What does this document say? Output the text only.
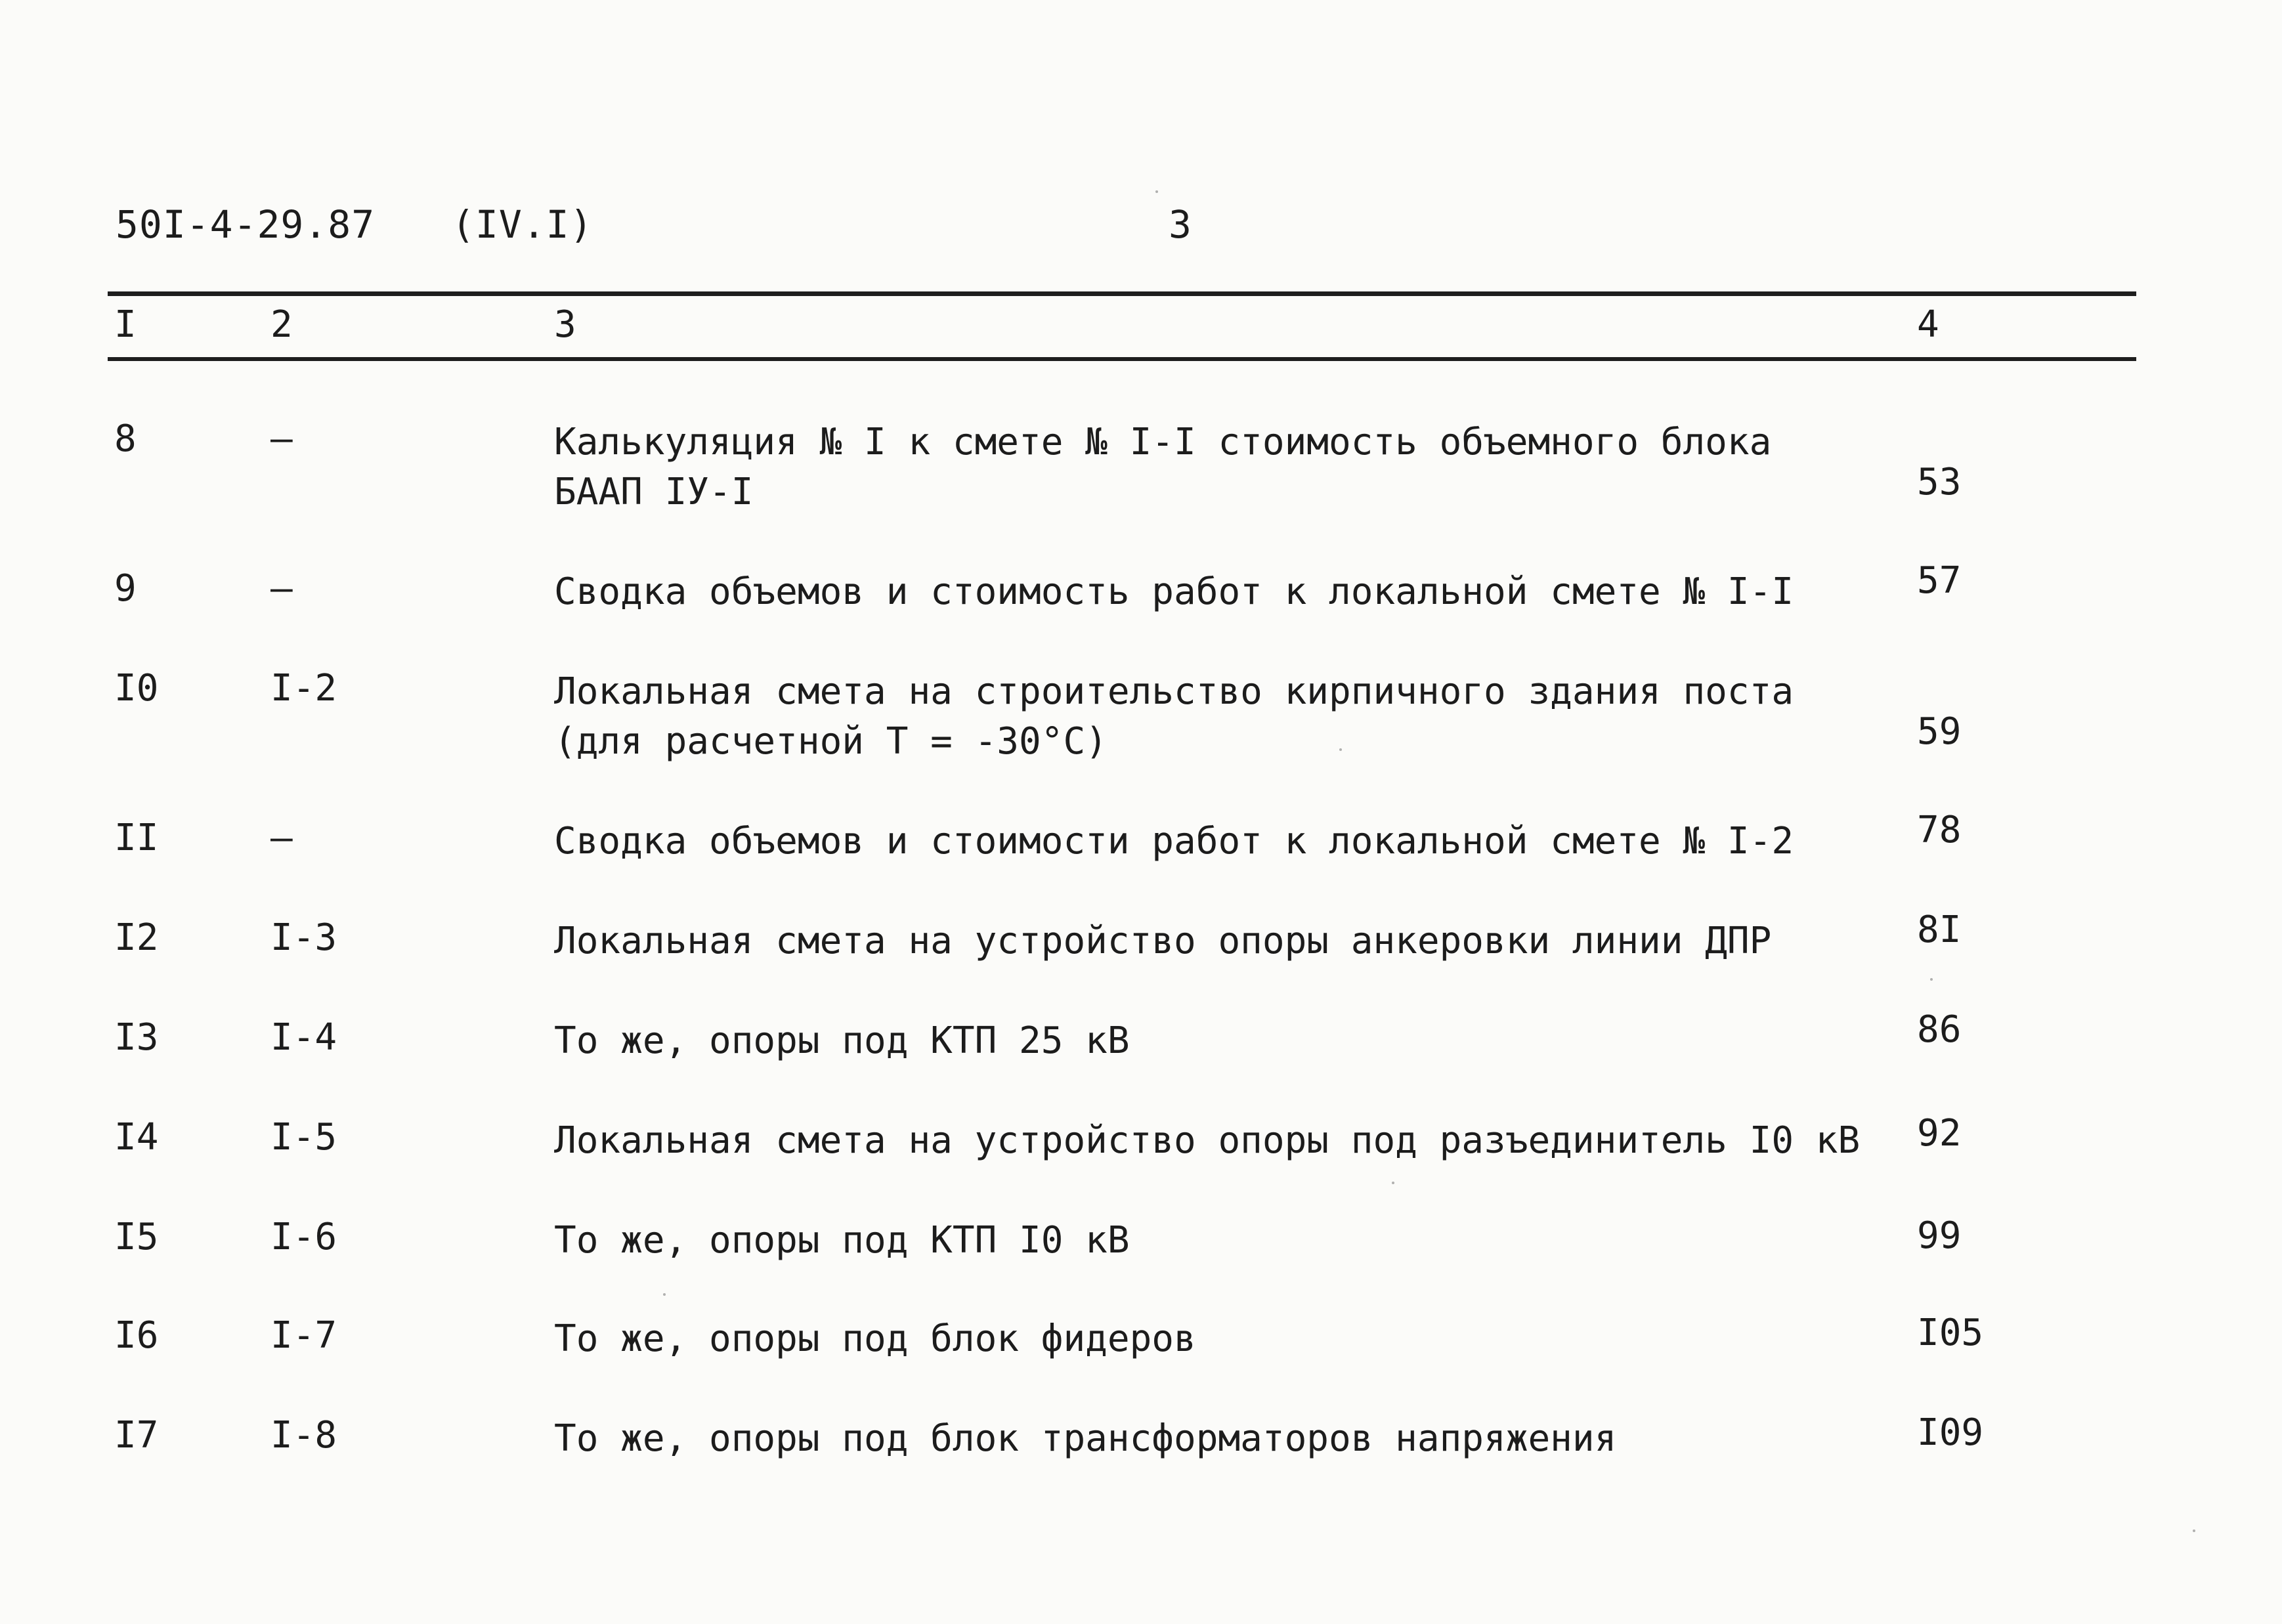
50I-4-29.87 (IV.I)	3
I	2	3	4
8	–	Калькуляция № I к смете № I-I стоимость объемного блока
БААП IУ-I	53
9	–	Сводка объемов и стоимость работ к локальной смете № I-I	57
I0	I-2	Локальная смета на строительство кирпичного здания поста
(для расчетной Т = -30°С)	59
II	–	Сводка объемов и стоимости работ к локальной смете № I-2	78
I2	I-3	Локальная смета на устройство опоры анкеровки линии ДПР	8I
I3	I-4	То же, опоры под КТП 25 кВ	86
I4	I-5	Локальная смета на устройство опоры под разъединитель I0 кВ 92
I5	I-6	То же, опоры под КТП I0 кВ	99
I6	I-7	То же, опоры под блок фидеров	I05
I7	I-8	То же, опоры под блок трансформаторов напряжения	I09
